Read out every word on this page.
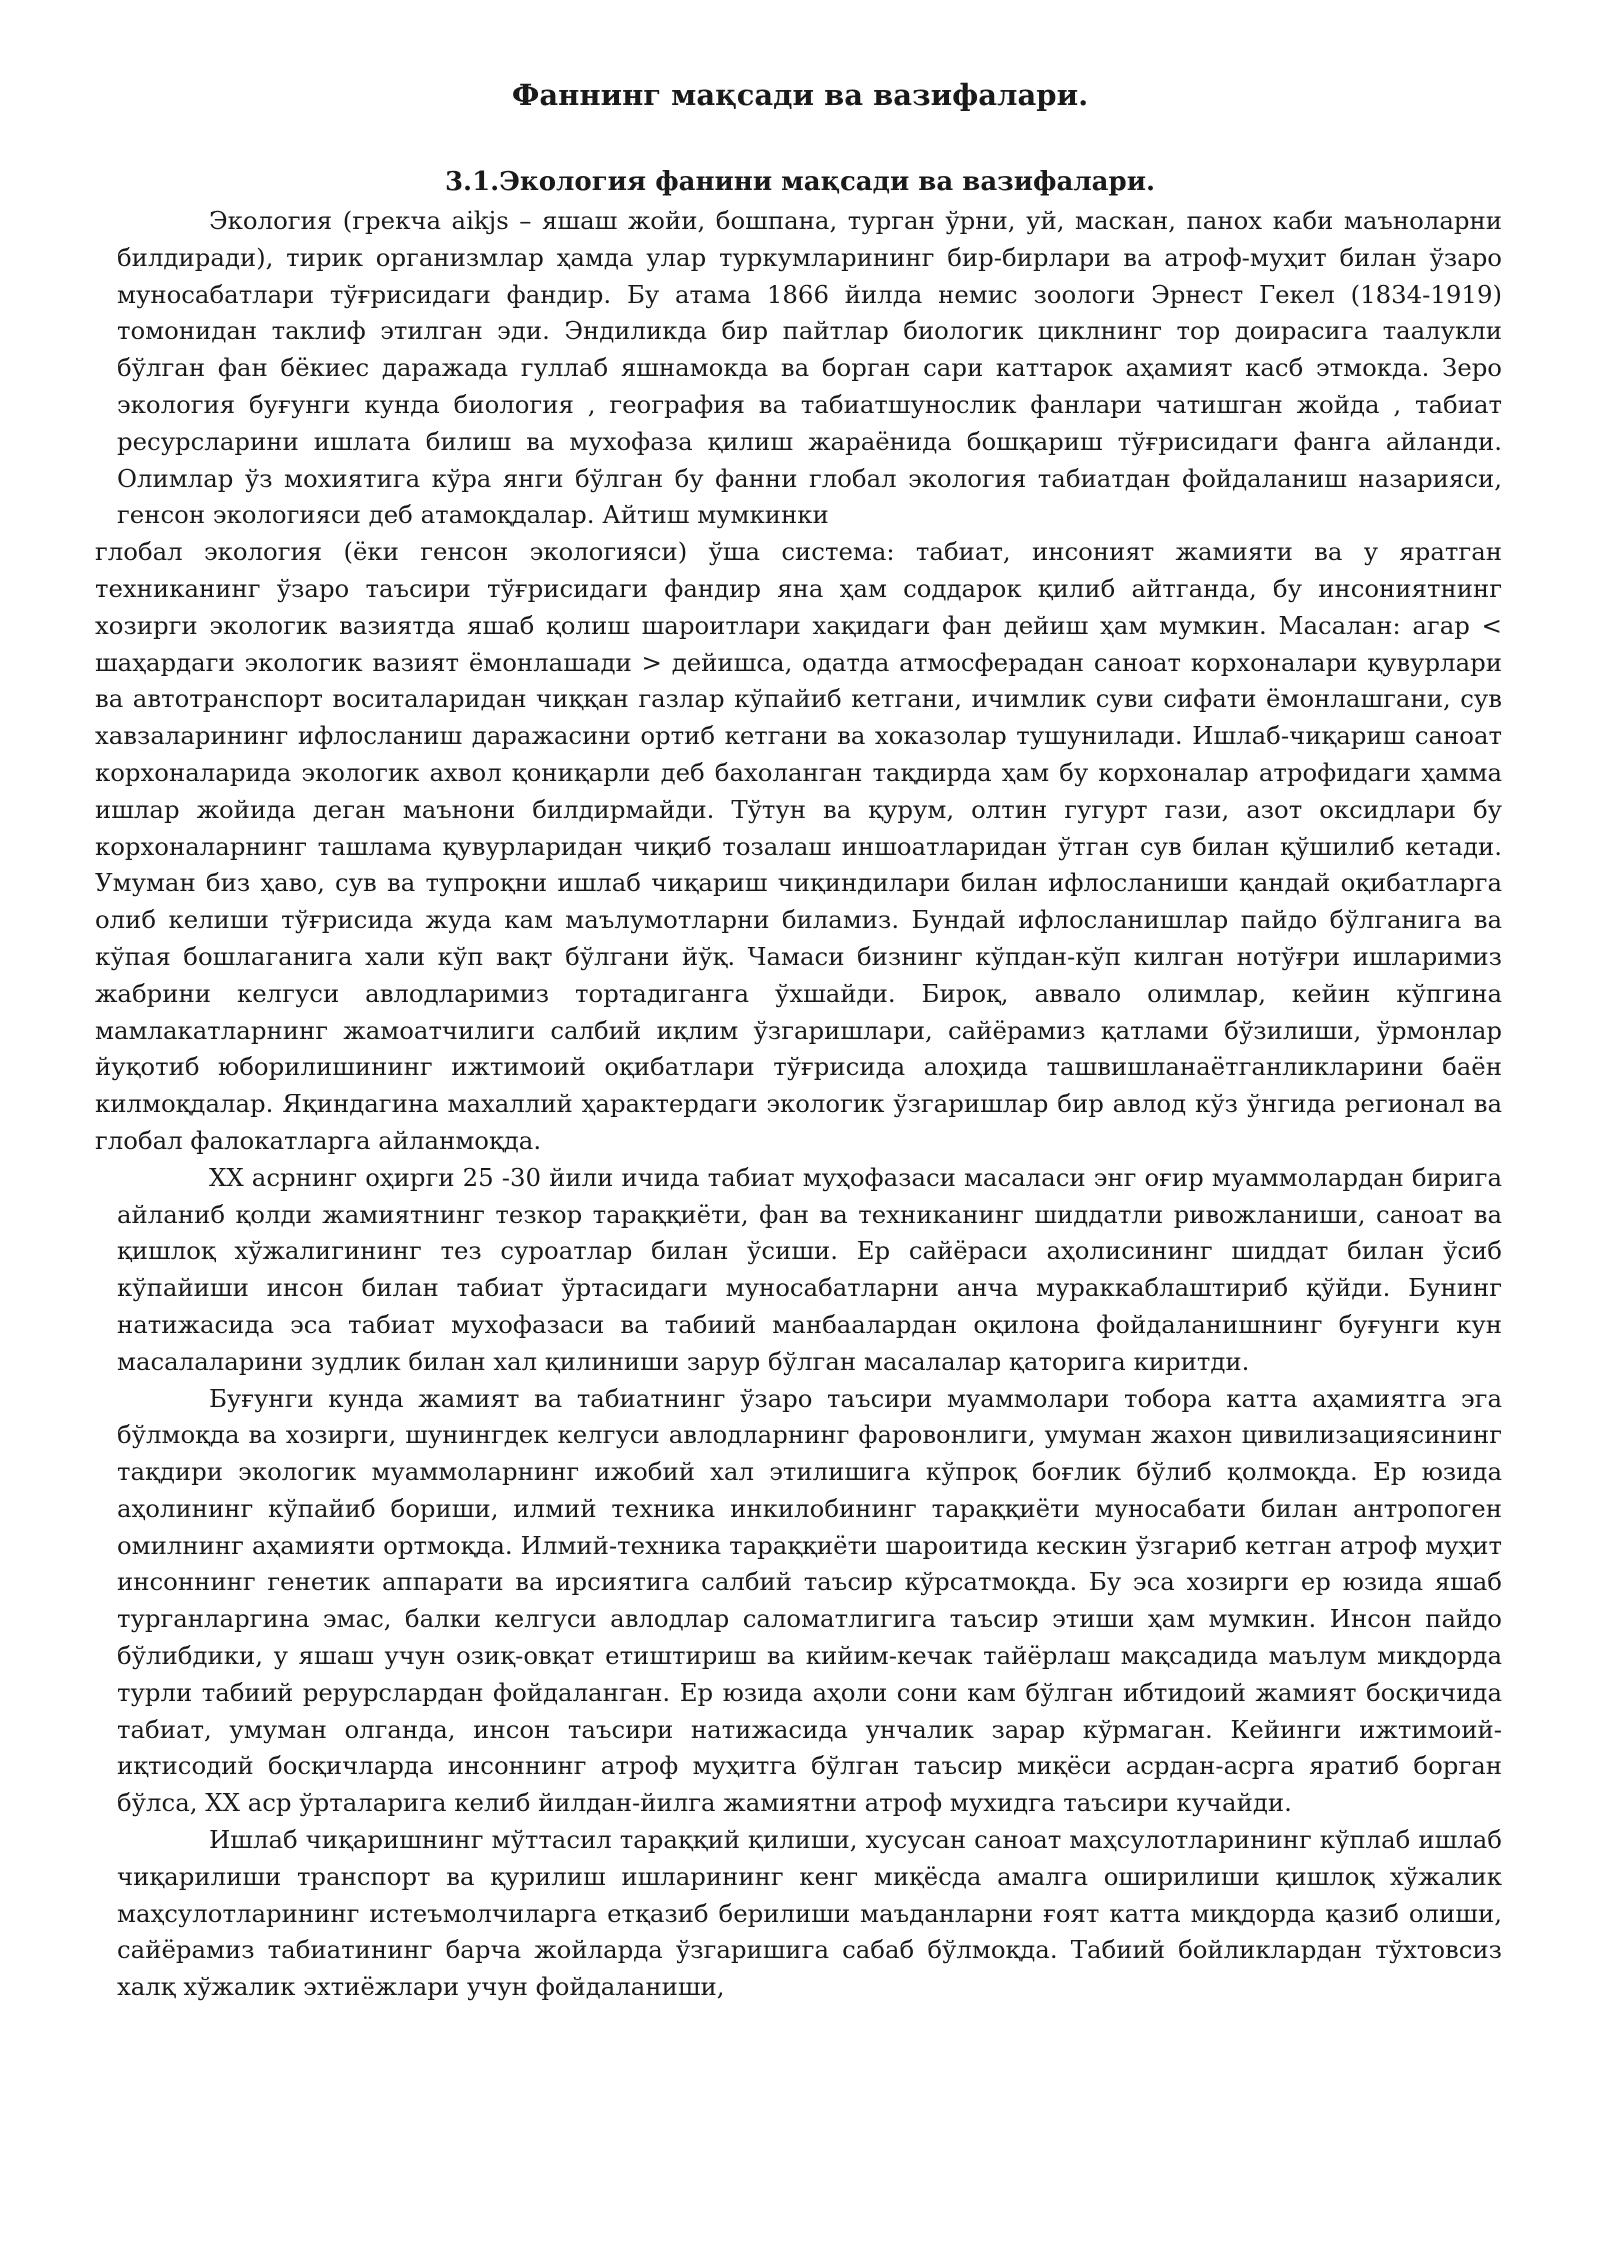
Фаннинг мақсади ва вазифалари.
3.1.Экология фанини мақсади ва вазифалари.

Экология (грекча aikjs – яшаш жойи, бошпана, турган ўрни, уй, маскан, панох каби маъноларни билдиради), тирик организмлар ҳамда улар туркумларининг бир-бирлари ва атроф-муҳит билан ўзаро муносабатлари тўғрисидаги фандир. Бу атама 1866 йилда немис зоологи Эрнест Гекел (1834-1919) томонидан таклиф этилган эди. Эндиликда бир пайтлар биологик циклнинг тор доирасига таалукли бўлган фан бёкиес даражада гуллаб яшнамокда ва борган сари каттарок аҳамият касб этмокда. Зеро экология буғунги кунда биология , география ва табиатшунослик фанлари чатишган жойда , табиат ресурсларини ишлата билиш ва мухофаза қилиш жараёнида бошқариш тўғрисидаги фанга айланди. Олимлар ўз мохиятига кўра янги бўлган бу фанни глобал экология табиатдан фойдаланиш назарияси, генсон экологияси деб атамоқдалар. Айтиш мумкинки

глобал экология (ёки генсон экологияси) ўша система: табиат, инсоният жамияти ва у яратган техниканинг ўзаро таъсири тўғрисидаги фандир яна ҳам соддарок қилиб айтганда, бу инсониятнинг хозирги экологик вазиятда яшаб қолиш шароитлари хақидаги фан дейиш ҳам мумкин. Масалан: агар < шаҳардаги экологик вазият ёмонлашади > дейишса, одатда атмосферадан саноат корхоналари қувурлари ва автотранспорт воситаларидан чиққан газлар кўпайиб кетгани, ичимлик суви сифати ёмонлашгани, сув хавзаларининг ифлосланиш даражасини ортиб кетгани ва хоказолар тушунилади. Ишлаб-чиқариш саноат корхоналарида экологик ахвол қониқарли деб бахоланган тақдирда ҳам бу корхоналар атрофидаги ҳамма ишлар жойида деган маънони билдирмайди. Тўтун ва қурум, олтин гугурт гази, азот оксидлари бу корхоналарнинг ташлама қувурларидан чиқиб тозалаш иншоатларидан ўтган сув билан қўшилиб кетади. Умуман биз ҳаво, сув ва тупроқни ишлаб чиқариш чиқиндилари билан ифлосланиши қандай оқибатларга олиб келиши тўғрисида жуда кам маълумотларни биламиз. Бундай ифлосланишлар пайдо бўлганига ва кўпая бошлаганига хали кўп вақт бўлгани йўқ. Чамаси бизнинг кўпдан-кўп килган нотўғри ишларимиз жабрини келгуси авлодларимиз тортадиганга ўхшайди. Бироқ, аввало олимлар, кейин кўпгина мамлакатларнинг жамоатчилиги салбий иқлим ўзгаришлари, сайёрамиз қатлами бўзилиши, ўрмонлар йуқотиб юборилишининг ижтимоий оқибатлари тўғрисида алоҳида ташвишланаётганликларини баён килмоқдалар. Яқиндагина махаллий ҳарактердаги экологик ўзгаришлар бир авлод кўз ўнгида регионал ва глобал фалокатларга айланмоқда.

XX асрнинг оҳирги 25 -30 йили ичида табиат муҳофазаси масаласи энг оғир муаммолардан бирига айланиб қолди жамиятнинг тезкор тараққиёти, фан ва техниканинг шиддатли ривожланиши, саноат ва қишлоқ хўжалигининг тез суроатлар билан ўсиши. Ер сайёраси аҳолисининг шиддат билан ўсиб кўпайиши инсон билан табиат ўртасидаги муносабатларни анча мураккаблаштириб қўйди. Бунинг натижасида эса табиат мухофазаси ва табиий манбаалардан оқилона фойдаланишнинг буғунги кун масалаларини зудлик билан хал қилиниши зарур бўлган масалалар қаторига киритди.

Буғунги кунда жамият ва табиатнинг ўзаро таъсири муаммолари тобора катта аҳамиятга эга бўлмоқда ва хозирги, шунингдек келгуси авлодларнинг фаровонлиги, умуман жахон цивилизациясининг тақдири экологик муаммоларнинг ижобий хал этилишига кўпроқ боғлик бўлиб қолмоқда. Ер юзида аҳолининг кўпайиб бориши, илмий техника инкилобининг тараққиёти муносабати билан антропоген омилнинг аҳамияти ортмоқда. Илмий-техника тараққиёти шароитида кескин ўзгариб кетган атроф муҳит инсоннинг генетик аппарати ва ирсиятига салбий таъсир кўрсатмоқда. Бу эса хозирги ер юзида яшаб турганларгина эмас, балки келгуси авлодлар саломатлигига таъсир этиши ҳам мумкин. Инсон пайдо бўлибдики, у яшаш учун озиқ-овқат етиштириш ва кийим-кечак тайёрлаш мақсадида маълум миқдорда турли табиий рерурслардан фойдаланган. Ер юзида аҳоли сони кам бўлган ибтидоий жамият босқичида табиат, умуман олганда, инсон таъсири натижасида унчалик зарар кўрмаган. Кейинги ижтимоий-иқтисодий босқичларда инсоннинг атроф муҳитга бўлган таъсир миқёси асрдан-асрга яратиб борган бўлса, XX аср ўрталарига келиб йилдан-йилга жамиятни атроф мухидга таъсири кучайди.

Ишлаб чиқаришнинг мўттасил тараққий қилиши, хусусан саноат маҳсулотларининг кўплаб ишлаб чиқарилиши транспорт ва қурилиш ишларининг кенг миқёсда амалга оширилиши қишлоқ хўжалик маҳсулотларининг истеъмолчиларга етқазиб берилиши маъданларни ғоят катта миқдорда қазиб олиши, сайёрамиз табиатининг барча жойларда ўзгаришига сабаб бўлмоқда. Табиий бойликлардан тўхтовсиз халқ хўжалик эхтиёжлари учун фойдаланиши,
